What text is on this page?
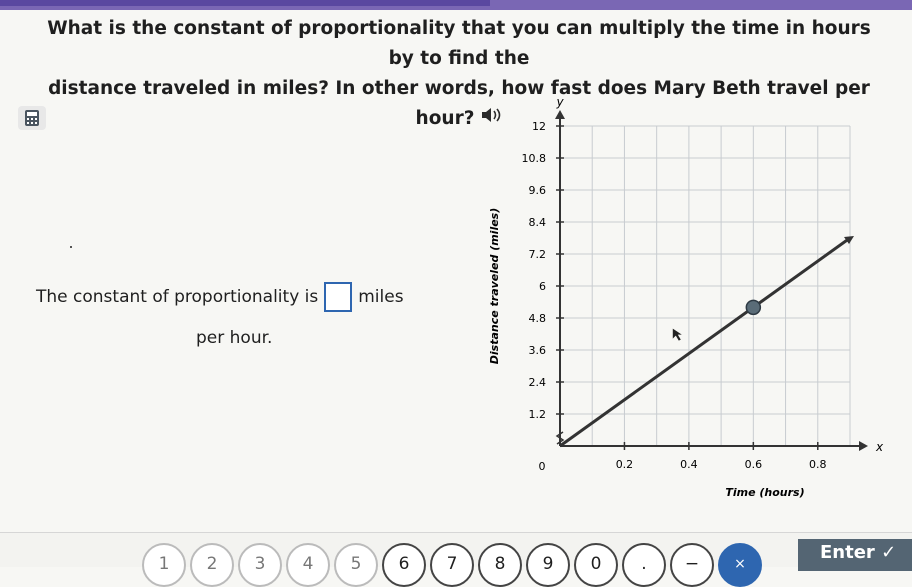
What is the constant of proportionality that you can multiply the time in hours by to find the
distance traveled in miles? In other words, how fast does Mary Beth travel per hour?
The constant of proportionality is miles
per hour.
1.2
2.4
3.6
4.8
6
7.2
8.4
9.6
10.8
12
0.2	0.4	0.6	0.8
0
x
y
Time (hours)
Distance traveled (miles)
1	2	3	4	5	6	7	8	9	0	.	−	×
Enter ✓
